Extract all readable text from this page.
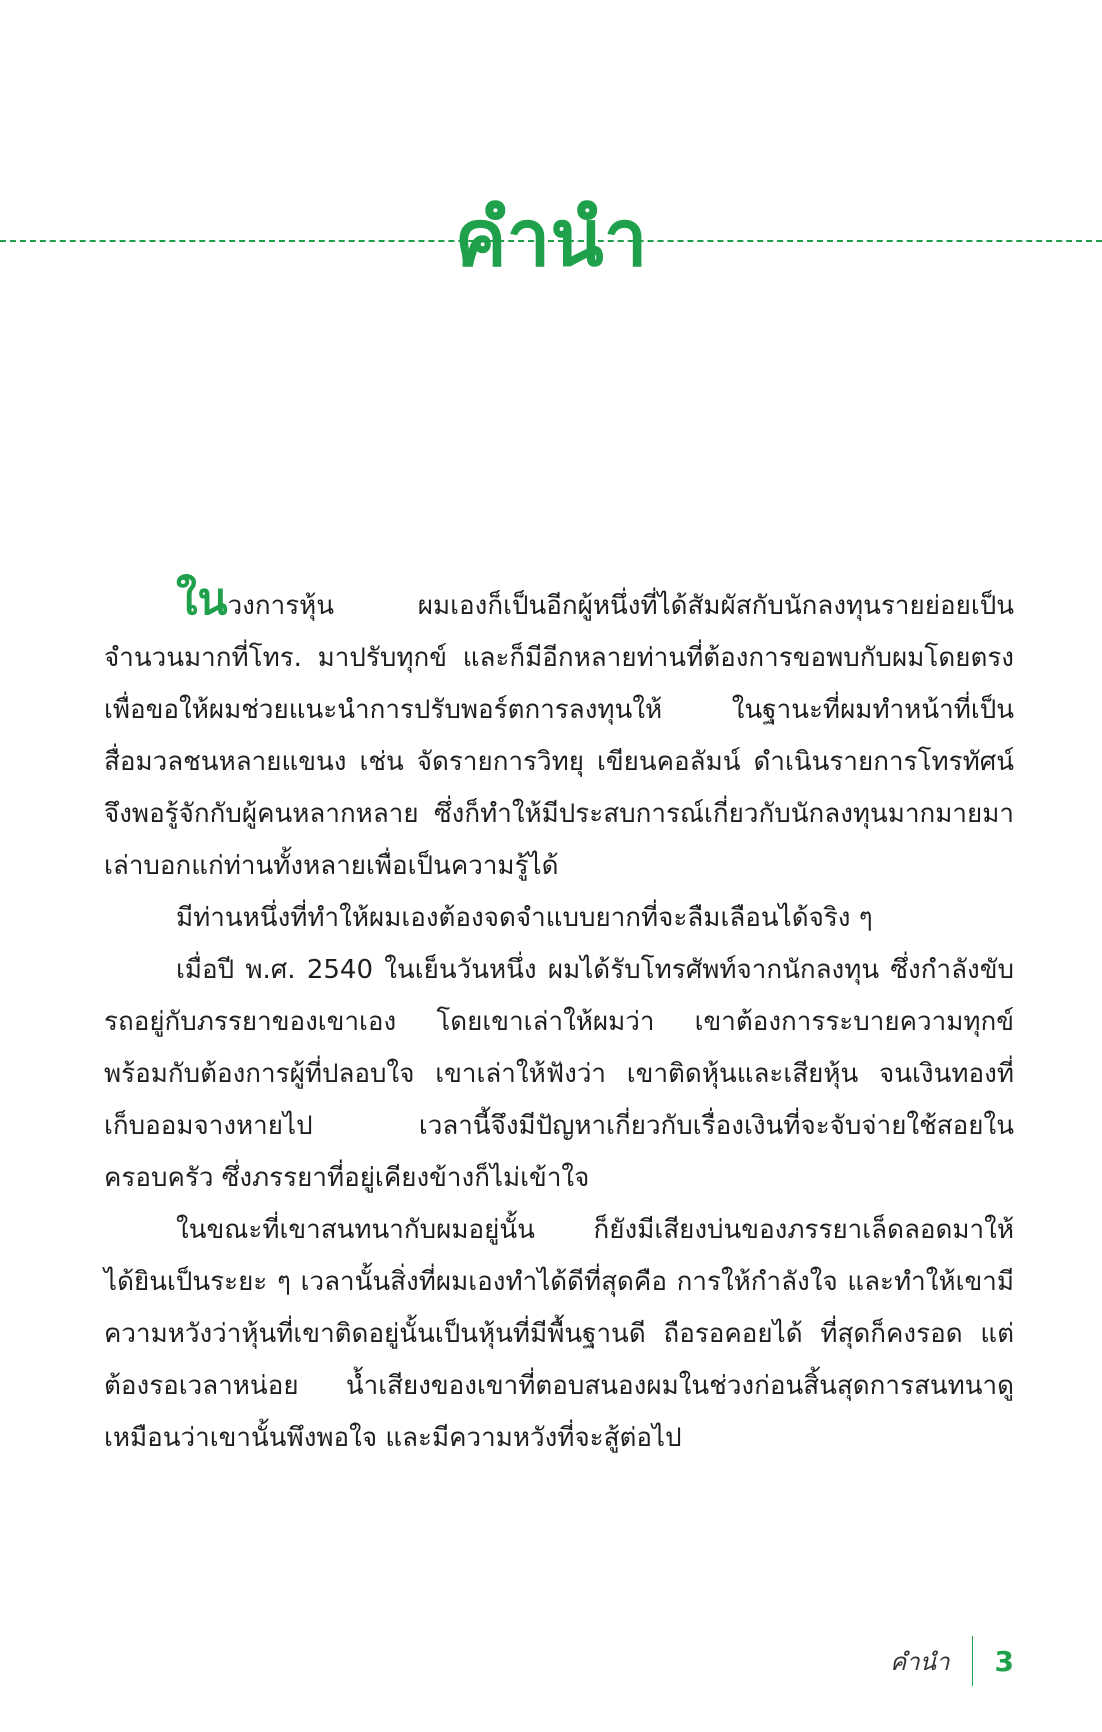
คำนำ

ในวงการหุ้น ผมเองก็เป็นอีกผู้หนึ่งที่ได้สัมผัสกับนักลงทุนรายย่อยเป็นจำนวนมากที่โทร. มาปรับทุกข์ และก็มีอีกหลายท่านที่ต้องการขอพบกับผมโดยตรง เพื่อขอให้ผมช่วยแนะนำการปรับพอร์ตการลงทุนให้ ในฐานะที่ผมทำหน้าที่เป็นสื่อมวลชนหลายแขนง เช่น จัดรายการวิทยุ เขียนคอลัมน์ ดำเนินรายการโทรทัศน์ จึงพอรู้จักกับผู้คนหลากหลาย ซึ่งก็ทำให้มีประสบการณ์เกี่ยวกับนักลงทุนมากมายมาเล่าบอกแก่ท่านทั้งหลายเพื่อเป็นความรู้ได้

มีท่านหนึ่งที่ทำให้ผมเองต้องจดจำแบบยากที่จะลืมเลือนได้จริง ๆ

เมื่อปี พ.ศ. 2540 ในเย็นวันหนึ่ง ผมได้รับโทรศัพท์จากนักลงทุน ซึ่งกำลังขับรถอยู่กับภรรยาของเขาเอง โดยเขาเล่าให้ผมว่า เขาต้องการระบายความทุกข์ พร้อมกับต้องการผู้ที่ปลอบใจ เขาเล่าให้ฟังว่า เขาติดหุ้นและเสียหุ้น จนเงินทองที่เก็บออมจางหายไป เวลานี้จึงมีปัญหาเกี่ยวกับเรื่องเงินที่จะจับจ่ายใช้สอยในครอบครัว ซึ่งภรรยาที่อยู่เคียงข้างก็ไม่เข้าใจ

ในขณะที่เขาสนทนากับผมอยู่นั้น ก็ยังมีเสียงบ่นของภรรยาเล็ดลอดมาให้ได้ยินเป็นระยะ ๆ เวลานั้นสิ่งที่ผมเองทำได้ดีที่สุดคือ การให้กำลังใจ และทำให้เขามีความหวังว่าหุ้นที่เขาติดอยู่นั้นเป็นหุ้นที่มีพื้นฐานดี ถือรอคอยได้ ที่สุดก็คงรอด แต่ต้องรอเวลาหน่อย น้ำเสียงของเขาที่ตอบสนองผมในช่วงก่อนสิ้นสุดการสนทนาดูเหมือนว่าเขานั้นพึงพอใจ และมีความหวังที่จะสู้ต่อไป

คำนำ	3
